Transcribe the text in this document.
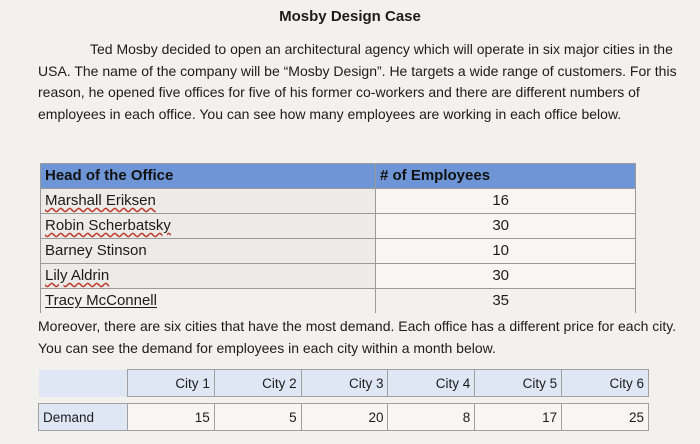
Mosby Design Case

Ted Mosby decided to open an architectural agency which will operate in six major cities in the USA. The name of the company will be “Mosby Design”. He targets a wide range of customers. For this reason, he opened five offices for five of his former co-workers and there are different numbers of employees in each office. You can see how many employees are working in each office below.

Head of the Office	# of Employees
Marshall Eriksen	16
Robin Scherbatsky	30
Barney Stinson	10
Lily Aldrin	30
Tracy McConnell	35

Moreover, there are six cities that have the most demand. Each office has a different price for each city. You can see the demand for employees in each city within a month below.

	City 1	City 2	City 3	City 4	City 5	City 6

Demand	15	5	20	8	17	25
